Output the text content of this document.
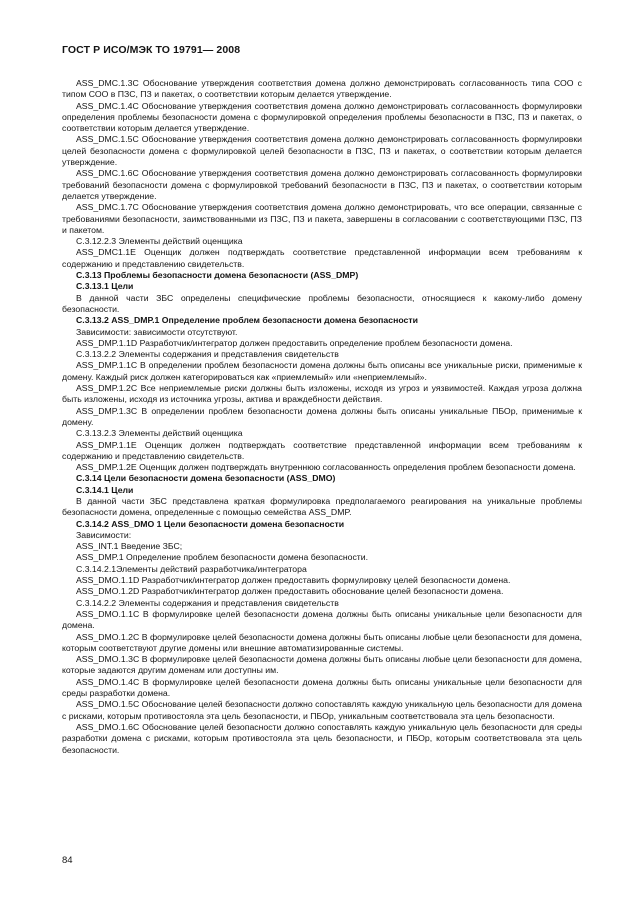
ГОСТ Р ИСО/МЭК ТО 19791— 2008

ASS_DMC.1.3С Обоснование утверждения соответствия домена должно демонстрировать согласованность типа СОО с типом СОО в ПЗС, ПЗ и пакетах, о соответствии которым делается утверждение.

ASS_DMC.1.4С Обоснование утверждения соответствия домена должно демонстрировать согласованность формулировки определения проблемы безопасности домена с формулировкой определения проблемы безопасности в ПЗС, ПЗ и пакетах, о соответствии которым делается утверждение.

ASS_DMC.1.5С Обоснование утверждения соответствия домена должно демонстрировать согласованность формулировки целей безопасности домена с формулировкой целей безопасности в ПЗС, ПЗ и пакетах, о соответствии которым делается утверждение.

ASS_DMC.1.6С Обоснование утверждения соответствия домена должно демонстрировать согласованность формулировки требований безопасности домена с формулировкой требований безопасности в ПЗС, ПЗ и пакетах, о соответствии которым делается утверждение.

ASS_DMC.1.7С Обоснование утверждения соответствия домена должно демонстрировать, что все операции, связанные с требованиями безопасности, заимствованными из ПЗС, ПЗ и пакета, завершены в согласовании с соответствующими ПЗС, ПЗ и пакетом.

С.3.12.2.3 Элементы действий оценщика

ASS_DMC1.1E Оценщик должен подтверждать соответствие представленной информации всем требованиям к содержанию и представлению свидетельств.

С.3.13 Проблемы безопасности домена безопасности (ASS_DMP)

С.3.13.1 Цели

В данной части ЗБС определены специфические проблемы безопасности, относящиеся к какому-либо домену безопасности.

С.3.13.2 ASS_DMP.1 Определение проблем безопасности домена безопасности

Зависимости: зависимости отсутствуют.

ASS_DMP.1.1D Разработчик/интегратор должен предоставить определение проблем безопасности домена.

С.3.13.2.2 Элементы содержания и представления свидетельств

ASS_DMP.1.1С В определении проблем безопасности домена должны быть описаны все уникальные риски, применимые к домену. Каждый риск должен категорироваться как «приемлемый» или «неприемлемый».

ASS_DMP.1.2С Все неприемлемые риски должны быть изложены, исходя из угроз и уязвимостей. Каждая угроза должна быть изложены, исходя из источника угрозы, актива и враждебности действия.

ASS_DMP.1.3С В определении проблем безопасности домена должны быть описаны уникальные ПБОр, применимые к домену.

С.3.13.2.3 Элементы действий оценщика

ASS_DMP.1.1E Оценщик должен подтверждать соответствие представленной информации всем требованиям к содержанию и представлению свидетельств.

ASS_DMP.1.2E Оценщик должен подтверждать внутреннюю согласованность определения проблем безопасности домена.

С.3.14 Цели безопасности домена безопасности (ASS_DMO)

С.3.14.1 Цели

В данной части ЗБС представлена краткая формулировка предполагаемого реагирования на уникальные проблемы безопасности домена, определенные с помощью семейства ASS_DMP.

С.3.14.2 ASS_DMO 1 Цели безопасности домена безопасности

Зависимости:

ASS_INT.1 Введение ЗБС;

ASS_DMP.1 Определение проблем безопасности домена безопасности.

С.3.14.2.1Элементы действий разработчика/интегратора

ASS_DMO.1.1D Разработчик/интегратор должен предоставить формулировку целей безопасности домена.

ASS_DMO.1.2D Разработчик/интегратор должен предоставить обоснование целей безопасности домена.

С.3.14.2.2 Элементы содержания и представления свидетельств

ASS_DMO.1.1С В формулировке целей безопасности домена должны быть описаны уникальные цели безопасности для домена.

ASS_DMO.1.2С В формулировке целей безопасности домена должны быть описаны любые цели безопасности для домена, которым соответствуют другие домены или внешние автоматизированные системы.

ASS_DMO.1.3С В формулировке целей безопасности домена должны быть описаны любые цели безопасности для домена, которые задаются другим доменам или доступны им.

ASS_DMO.1.4С В формулировке целей безопасности домена должны быть описаны уникальные цели безопасности для среды разработки домена.

ASS_DMO.1.5С Обоснование целей безопасности должно сопоставлять каждую уникальную цель безопасности для домена с рисками, которым противостояла эта цель безопасности, и ПБОр, уникальным соответствовала эта цель безопасности.

ASS_DMO.1.6С Обоснование целей безопасности должно сопоставлять каждую уникальную цель безопасности для среды разработки домена с рисками, которым противостояла эта цель безопасности, и ПБОр, которым соответствовала эта цель безопасности.

84
